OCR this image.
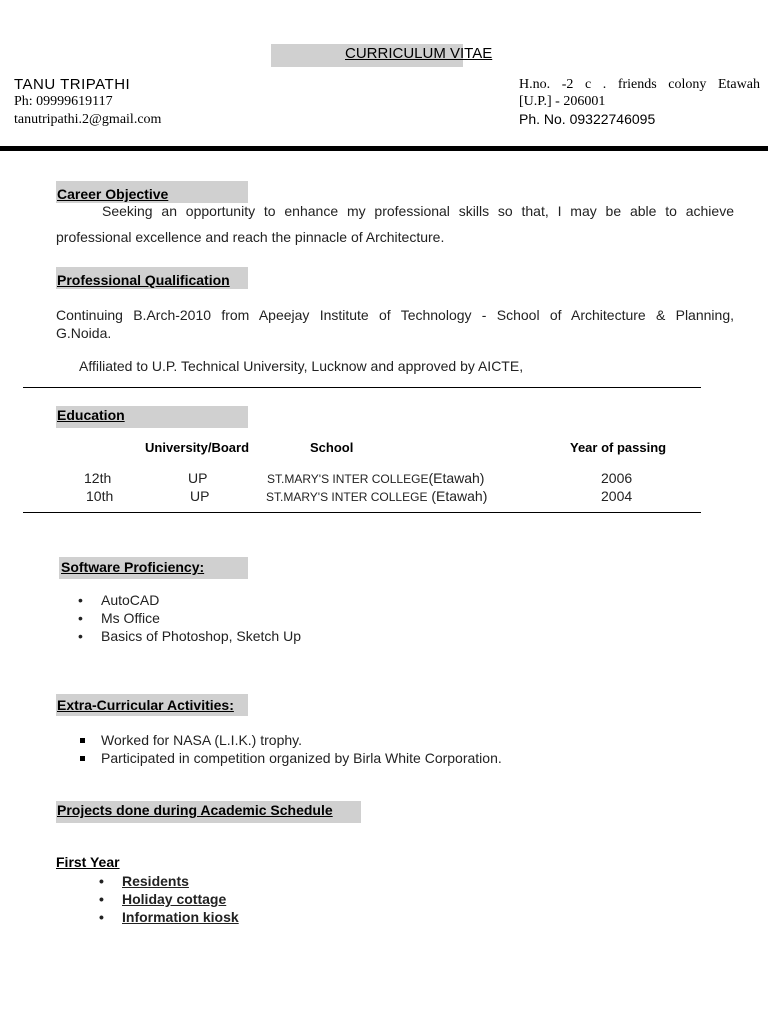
CURRICULUM VITAE
TANU TRIPATHI
Ph: 09999619117
tanutripathi.2@gmail.com
H.no. -2 c . friends colony Etawah
[U.P.] - 206001
Ph. No. 09322746095
Career Objective
Seeking an opportunity to enhance my professional skills so that, I may be able to achieve
professional excellence and reach the pinnacle of Architecture.
Professional Qualification
Continuing B.Arch-2010 from Apeejay Institute of Technology - School of Architecture & Planning,
G.Noida.
Affiliated to U.P. Technical University, Lucknow and approved by AICTE,
Education
University/Board	School	Year of passing
12th	UP	ST.MARY'S INTER COLLEGE(Etawah)	2006
10th	UP	ST.MARY'S INTER COLLEGE (Etawah)	2004
Software Proficiency:
• AutoCAD
• Ms Office
• Basics of Photoshop, Sketch Up
Extra-Curricular Activities:
Worked for NASA (L.I.K.) trophy.
Participated in competition organized by Birla White Corporation.
Projects done during Academic Schedule
First Year
• Residents
• Holiday cottage
• Information kiosk
